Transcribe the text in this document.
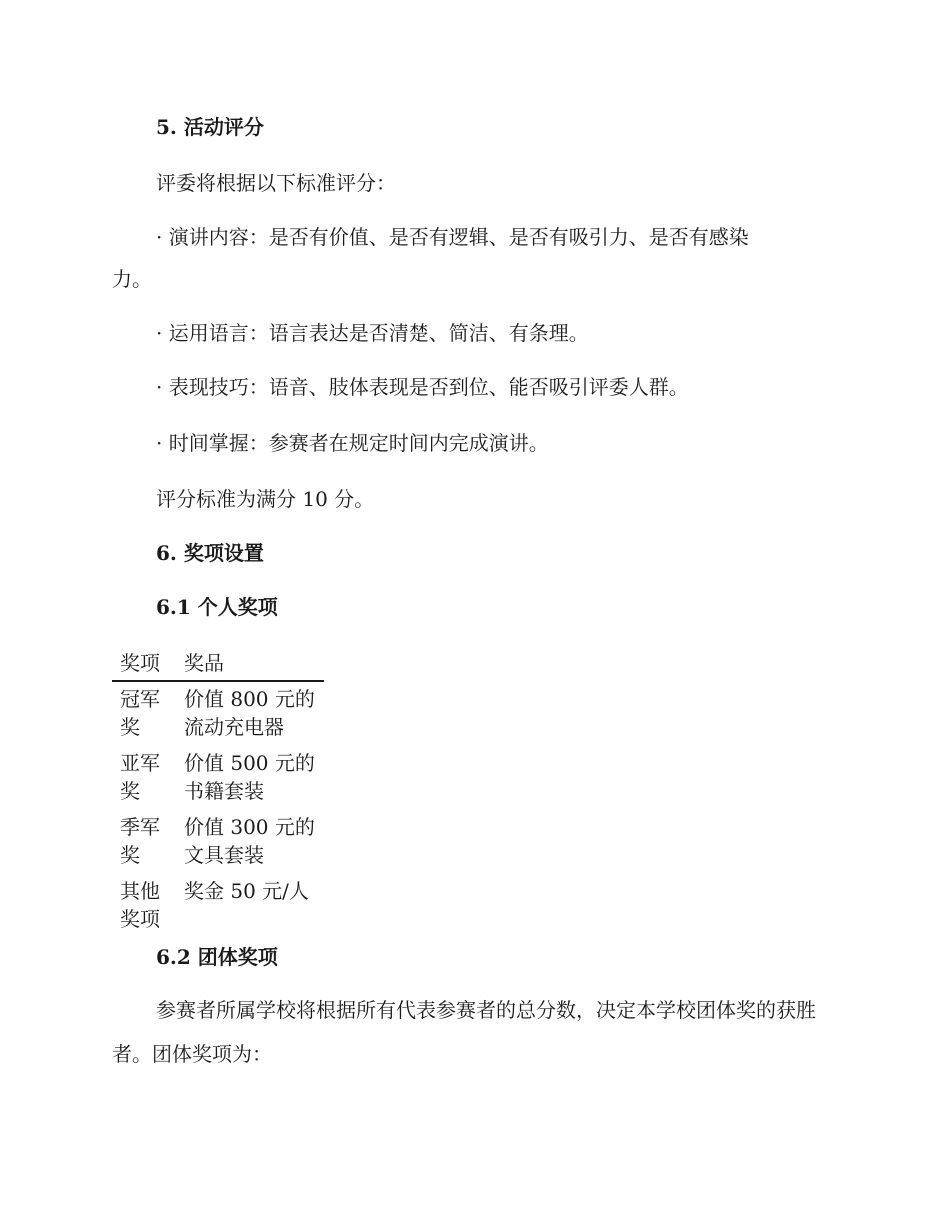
5. 活动评分
评委将根据以下标准评分：
· 演讲内容：是否有价值、是否有逻辑、是否有吸引力、是否有感染
力。
· 运用语言：语言表达是否清楚、简洁、有条理。
· 表现技巧：语音、肢体表现是否到位、能否吸引评委人群。
· 时间掌握：参赛者在规定时间内完成演讲。
评分标准为满分 10 分。
6. 奖项设置
6.1 个人奖项
奖项	奖品
冠军奖	价值 800 元的流动充电器
亚军奖	价值 500 元的书籍套装
季军奖	价值 300 元的文具套装
其他奖项	奖金 50 元/人
6.2 团体奖项
参赛者所属学校将根据所有代表参赛者的总分数，决定本学校团体奖的获胜者。团体奖项为：
